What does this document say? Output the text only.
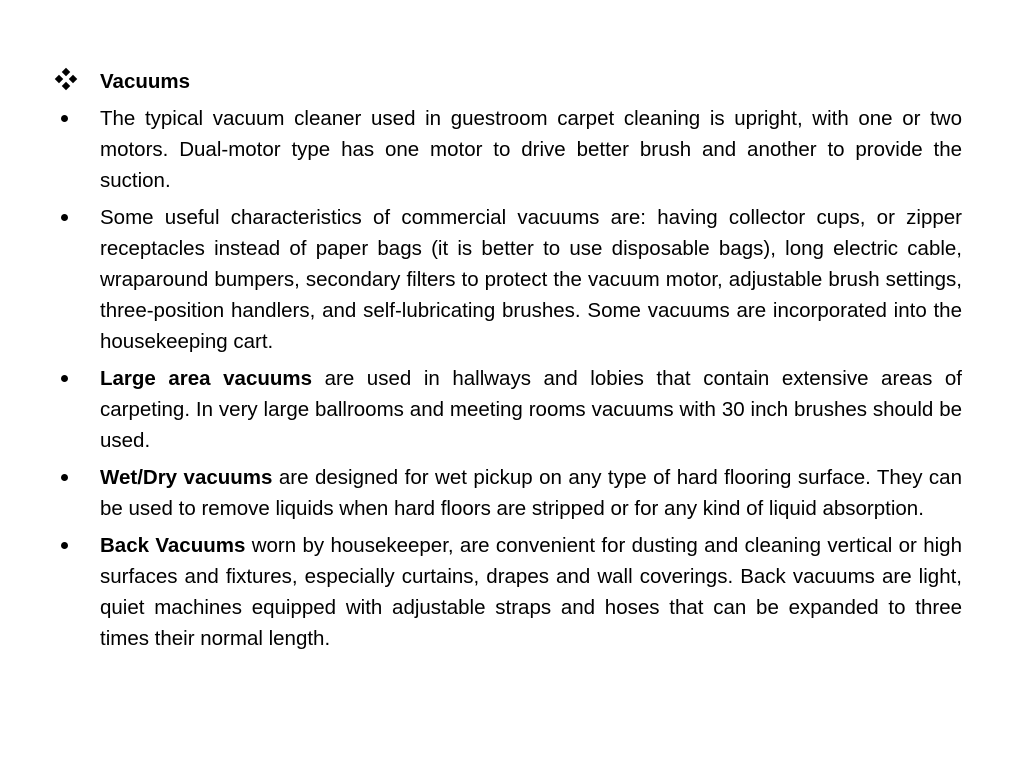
Vacuums
The typical vacuum cleaner used in guestroom carpet cleaning is upright, with one or two motors. Dual-motor type has one motor to drive better brush and another to provide the suction.
Some useful characteristics of commercial vacuums are: having collector cups, or zipper receptacles instead of paper bags (it is better to use disposable bags), long electric cable, wraparound bumpers, secondary filters to protect the vacuum motor, adjustable brush settings, three-position handlers, and self-lubricating brushes. Some vacuums are incorporated into the housekeeping cart.
Large area vacuums are used in hallways and lobies that contain extensive areas of carpeting. In very large ballrooms and meeting rooms vacuums with 30 inch brushes should be used.
Wet/Dry vacuums are designed for wet pickup on any type of hard flooring surface. They can be used to remove liquids when hard floors are stripped or for any kind of liquid absorption.
Back Vacuums worn by housekeeper, are convenient for dusting and cleaning vertical or high surfaces and fixtures, especially curtains, drapes and wall coverings. Back vacuums are light, quiet machines equipped with adjustable straps and hoses that can be expanded to three times their normal length.
